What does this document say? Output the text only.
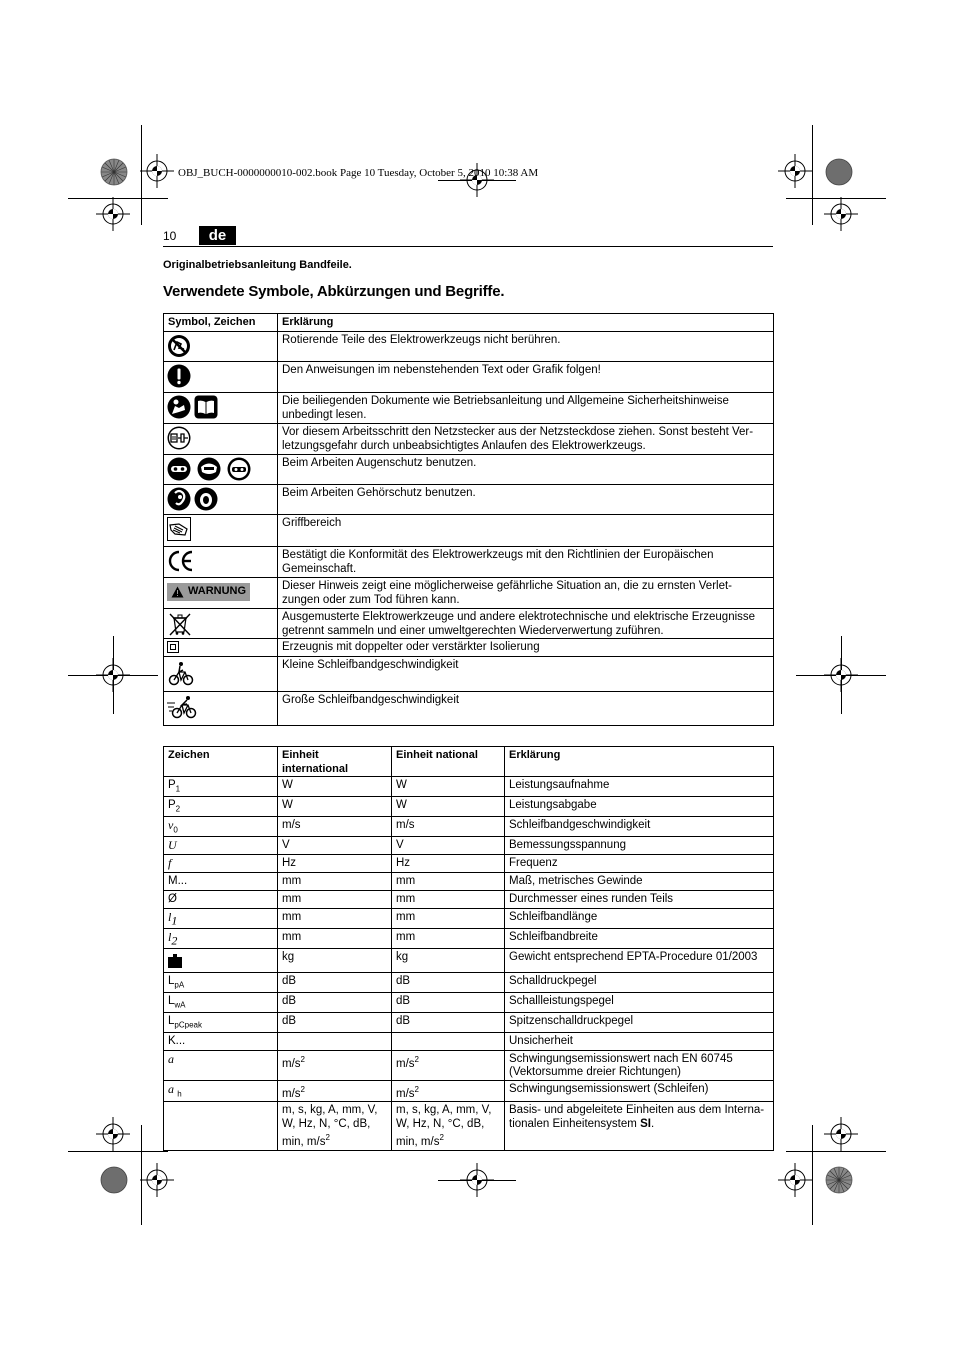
OBJ_BUCH-0000000010-002.book Page 10 Tuesday, October 5, 2010 10:38 AM
10	de
Originalbetriebsanleitung Bandfeile.
Verwendete Symbole, Abkürzungen und Begriffe.
Symbol, Zeichen	Erklärung

	Rotierende Teile des Elektrowerkzeugs nicht berühren.

	Den Anweisungen im nebenstehenden Text oder Grafik folgen!

	Die beiliegenden Dokumente wie Betriebsanleitung und Allgemeine Sicherheitshinweise unbedingt lesen.

	Vor diesem Arbeitsschritt den Netzstecker aus der Netzsteckdose ziehen. Sonst besteht Ver-letzungsgefahr durch unbeabsichtigtes Anlaufen des Elektrowerkzeugs.

	Beim Arbeiten Augenschutz benutzen.

	Beim Arbeiten Gehörschutz benutzen.

	Griffbereich

	Bestätigt die Konformität des Elektrowerkzeugs mit den Richtlinien der Europäischen Gemeinschaft.

WARNUNG	Dieser Hinweis zeigt eine möglicherweise gefährliche Situation an, die zu ernsten Verlet-zungen oder zum Tod führen kann.

	Ausgemusterte Elektrowerkzeuge und andere elektrotechnische und elektrische Erzeugnisse getrennt sammeln und einer umweltgerechten Wiederverwertung zuführen.

	Erzeugnis mit doppelter oder verstärkter Isolierung

	Kleine Schleifbandgeschwindigkeit

	Große Schleifbandgeschwindigkeit
Zeichen	Einheit international	Einheit national	Erklärung
$P_1$	W	W	Leistungsaufnahme
$P_2$	W	W	Leistungsabgabe
$v_0$	m/s	m/s	Schleifbandgeschwindigkeit
U	V	V	Bemessungsspannung
f	Hz	Hz	Frequenz
M...	mm	mm	Maß, metrisches Gewinde
Ø	mm	mm	Durchmesser eines runden Teils
$l_1$	mm	mm	Schleifbandlänge
$l_2$	mm	mm	Schleifbandbreite
	kg	kg	Gewicht entsprechend EPTA-Procedure 01/2003
$L_{pA}$	dB	dB	Schalldruckpegel
$L_{wA}$	dB	dB	Schallleistungspegel
$L_{pCpeak}$	dB	dB	Spitzenschalldruckpegel
K...			Unsicherheit
a	$m/s^2$	$m/s^2$	Schwingungsemissionswert nach EN 60745 (Vektorsumme dreier Richtungen)
a $_h$	$m/s^2$	$m/s^2$	Schwingungsemissionswert (Schleifen)
	m, s, kg, A, mm, V, W, Hz, N, °C, dB, min, $m/s^2$	m, s, kg, A, mm, V, W, Hz, N, °C, dB, min, $m/s^2$	Basis- und abgeleitete Einheiten aus dem Interna-tionalen Einheitensystem SI.
